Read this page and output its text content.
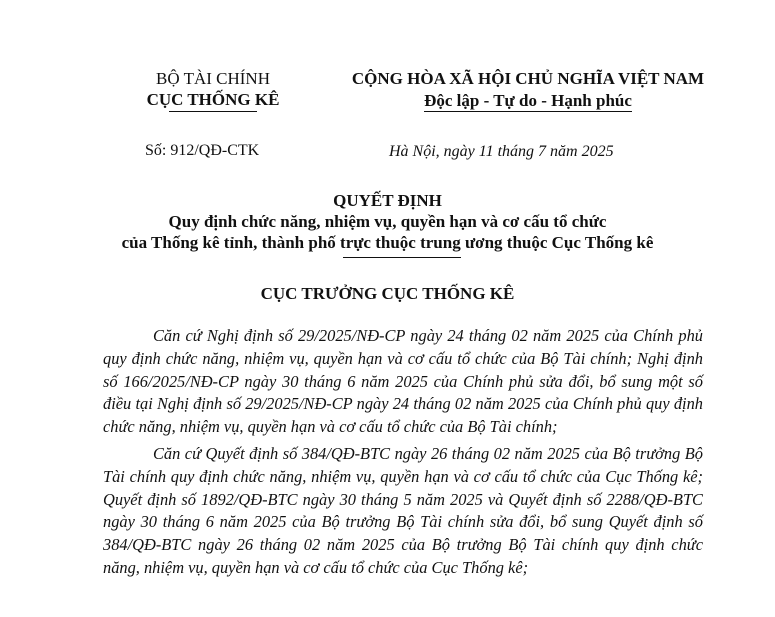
BỘ TÀI CHÍNH
CỤC THỐNG KÊ
CỘNG HÒA XÃ HỘI CHỦ NGHĨA VIỆT NAM
Độc lập - Tự do - Hạnh phúc
Số: 912/QĐ-CTK	Hà Nội, ngày 11 tháng 7 năm 2025
QUYẾT ĐỊNH
Quy định chức năng, nhiệm vụ, quyền hạn và cơ cấu tổ chức
của Thống kê tỉnh, thành phố trực thuộc trung ương thuộc Cục Thống kê
CỤC TRƯỞNG CỤC THỐNG KÊ

Căn cứ Nghị định số 29/2025/NĐ-CP ngày 24 tháng 02 năm 2025 của Chính phủ quy định chức năng, nhiệm vụ, quyền hạn và cơ cấu tổ chức của Bộ Tài chính; Nghị định số 166/2025/NĐ-CP ngày 30 tháng 6 năm 2025 của Chính phủ sửa đổi, bổ sung một số điều tại Nghị định số 29/2025/NĐ-CP ngày 24 tháng 02 năm 2025 của Chính phủ quy định chức năng, nhiệm vụ, quyền hạn và cơ cấu tổ chức của Bộ Tài chính;

Căn cứ Quyết định số 384/QĐ-BTC ngày 26 tháng 02 năm 2025 của Bộ trưởng Bộ Tài chính quy định chức năng, nhiệm vụ, quyền hạn và cơ cấu tổ chức của Cục Thống kê; Quyết định số 1892/QĐ-BTC ngày 30 tháng 5 năm 2025 và Quyết định số 2288/QĐ-BTC ngày 30 tháng 6 năm 2025 của Bộ trưởng Bộ Tài chính sửa đổi, bổ sung Quyết định số 384/QĐ-BTC ngày 26 tháng 02 năm 2025 của Bộ trưởng Bộ Tài chính quy định chức năng, nhiệm vụ, quyền hạn và cơ cấu tổ chức của Cục Thống kê;
